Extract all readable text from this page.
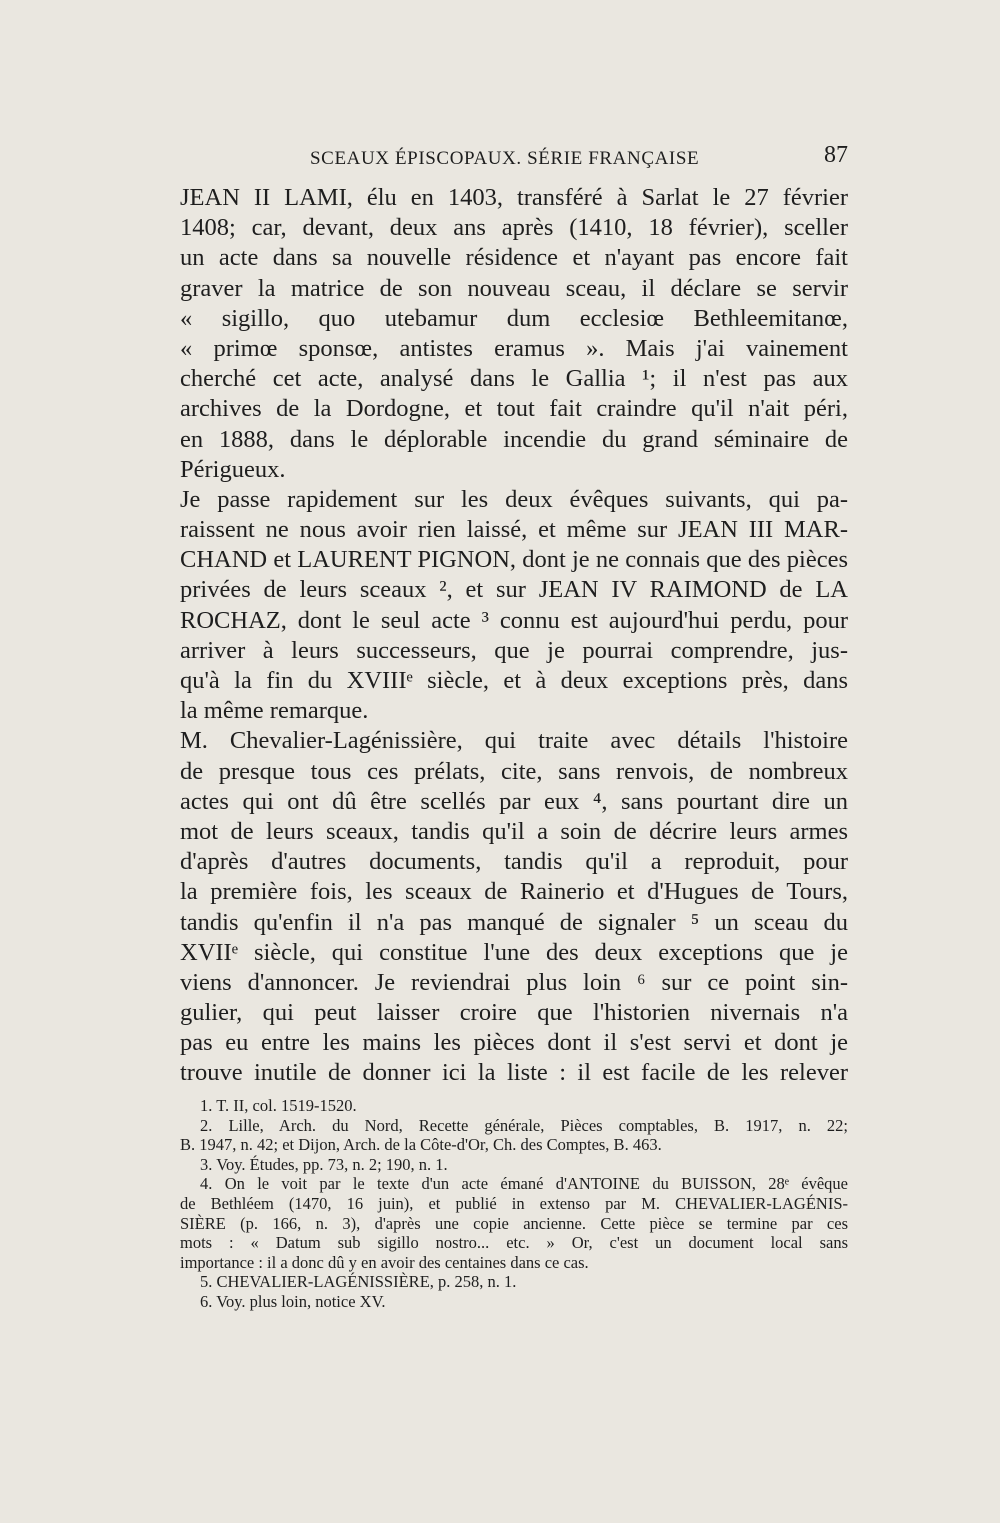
SCEAUX ÉPISCOPAUX. SÉRIE FRANÇAISE	87
JEAN II LAMI, élu en 1403, transféré à Sarlat le 27 février
1408; car, devant, deux ans après (1410, 18 février), sceller
un acte dans sa nouvelle résidence et n'ayant pas encore fait
graver la matrice de son nouveau sceau, il déclare se servir
« sigillo, quo utebamur dum ecclesiœ Bethleemitanœ,
« primœ sponsœ, antistes eramus ». Mais j'ai vainement
cherché cet acte, analysé dans le Gallia ¹; il n'est pas aux
archives de la Dordogne, et tout fait craindre qu'il n'ait péri,
en 1888, dans le déplorable incendie du grand séminaire de
Périgueux.
Je passe rapidement sur les deux évêques suivants, qui pa-
raissent ne nous avoir rien laissé, et même sur JEAN III MAR-
CHAND et LAURENT PIGNON, dont je ne connais que des pièces
privées de leurs sceaux ², et sur JEAN IV RAIMOND de LA
ROCHAZ, dont le seul acte ³ connu est aujourd'hui perdu, pour
arriver à leurs successeurs, que je pourrai comprendre, jus-
qu'à la fin du XVIIIᵉ siècle, et à deux exceptions près, dans
la même remarque.
M. Chevalier-Lagénissière, qui traite avec détails l'histoire
de presque tous ces prélats, cite, sans renvois, de nombreux
actes qui ont dû être scellés par eux ⁴, sans pourtant dire un
mot de leurs sceaux, tandis qu'il a soin de décrire leurs armes
d'après d'autres documents, tandis qu'il a reproduit, pour
la première fois, les sceaux de Rainerio et d'Hugues de Tours,
tandis qu'enfin il n'a pas manqué de signaler ⁵ un sceau du
XVIIᵉ siècle, qui constitue l'une des deux exceptions que je
viens d'annoncer. Je reviendrai plus loin ⁶ sur ce point sin-
gulier, qui peut laisser croire que l'historien nivernais n'a
pas eu entre les mains les pièces dont il s'est servi et dont je
trouve inutile de donner ici la liste : il est facile de les relever
1. T. II, col. 1519-1520.
2. Lille, Arch. du Nord, Recette générale, Pièces comptables, B. 1917, n. 22;
B. 1947, n. 42; et Dijon, Arch. de la Côte-d'Or, Ch. des Comptes, B. 463.
3. Voy. Études, pp. 73, n. 2; 190, n. 1.
4. On le voit par le texte d'un acte émané d'ANTOINE du BUISSON, 28ᵉ évêque
de Bethléem (1470, 16 juin), et publié in extenso par M. CHEVALIER-LAGÉNIS-
SIÈRE (p. 166, n. 3), d'après une copie ancienne. Cette pièce se termine par ces
mots : « Datum sub sigillo nostro... etc. » Or, c'est un document local sans
importance : il a donc dû y en avoir des centaines dans ce cas.
5. CHEVALIER-LAGÉNISSIÈRE, p. 258, n. 1.
6. Voy. plus loin, notice XV.
